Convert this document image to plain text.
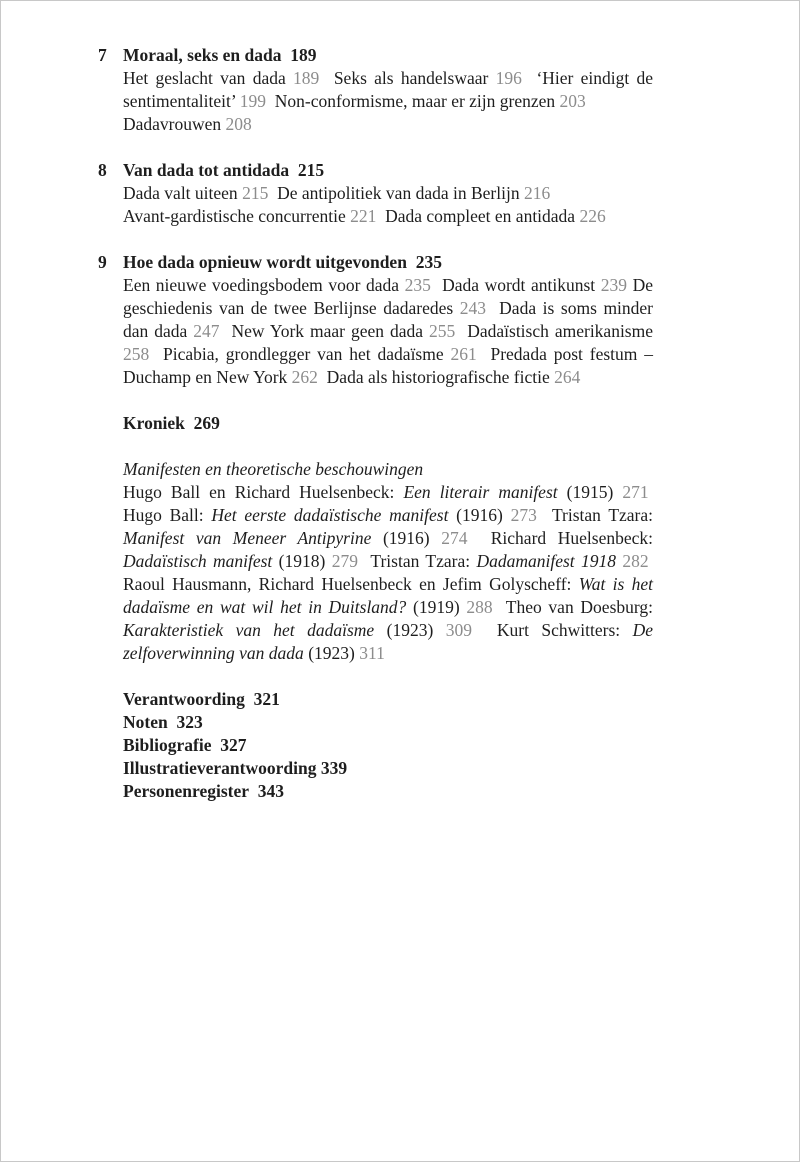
7 Moraal, seks en dada 189
Het geslacht van dada 189 Seks als handelswaar 196 ‘Hier eindigt de sentimentaliteit’ 199 Non-conformisme, maar er zijn grenzen 203
Dadavrouwen 208
8 Van dada tot antidada 215
Dada valt uiteen 215 De antipolitiek van dada in Berlijn 216
Avant-gardistische concurrentie 221 Dada compleet en antidada 226
9 Hoe dada opnieuw wordt uitgevonden 235
Een nieuwe voedingsbodem voor dada 235 Dada wordt antikunst 239 De geschiedenis van de twee Berlijnse dadaredes 243 Dada is soms minder dan dada 247 New York maar geen dada 255 Dadaïstisch amerikanisme 258 Picabia, grondlegger van het dadaïsme 261 Predada post festum – Duchamp en New York 262 Dada als historiografische fictie 264
Kroniek 269
Manifesten en theoretische beschouwingen
Hugo Ball en Richard Huelsenbeck: Een literair manifest (1915) 271  Hugo Ball: Het eerste dadaïstische manifest (1916) 273 Tristan Tzara: Manifest van Meneer Antipyrine (1916) 274 Richard Huelsenbeck: Dadaïstisch manifest (1918) 279 Tristan Tzara: Dadamanifest 1918 282  Raoul Hausmann, Richard Huelsenbeck en Jefim Golyscheff: Wat is het dadaïsme en wat wil het in Duitsland? (1919) 288 Theo van Doesburg: Karakteristiek van het dadaïsme (1923) 309 Kurt Schwitters: De zelfoverwinning van dada (1923) 311
Verantwoording 321
Noten 323
Bibliografie 327
Illustratieverantwoording 339
Personenregister 343
